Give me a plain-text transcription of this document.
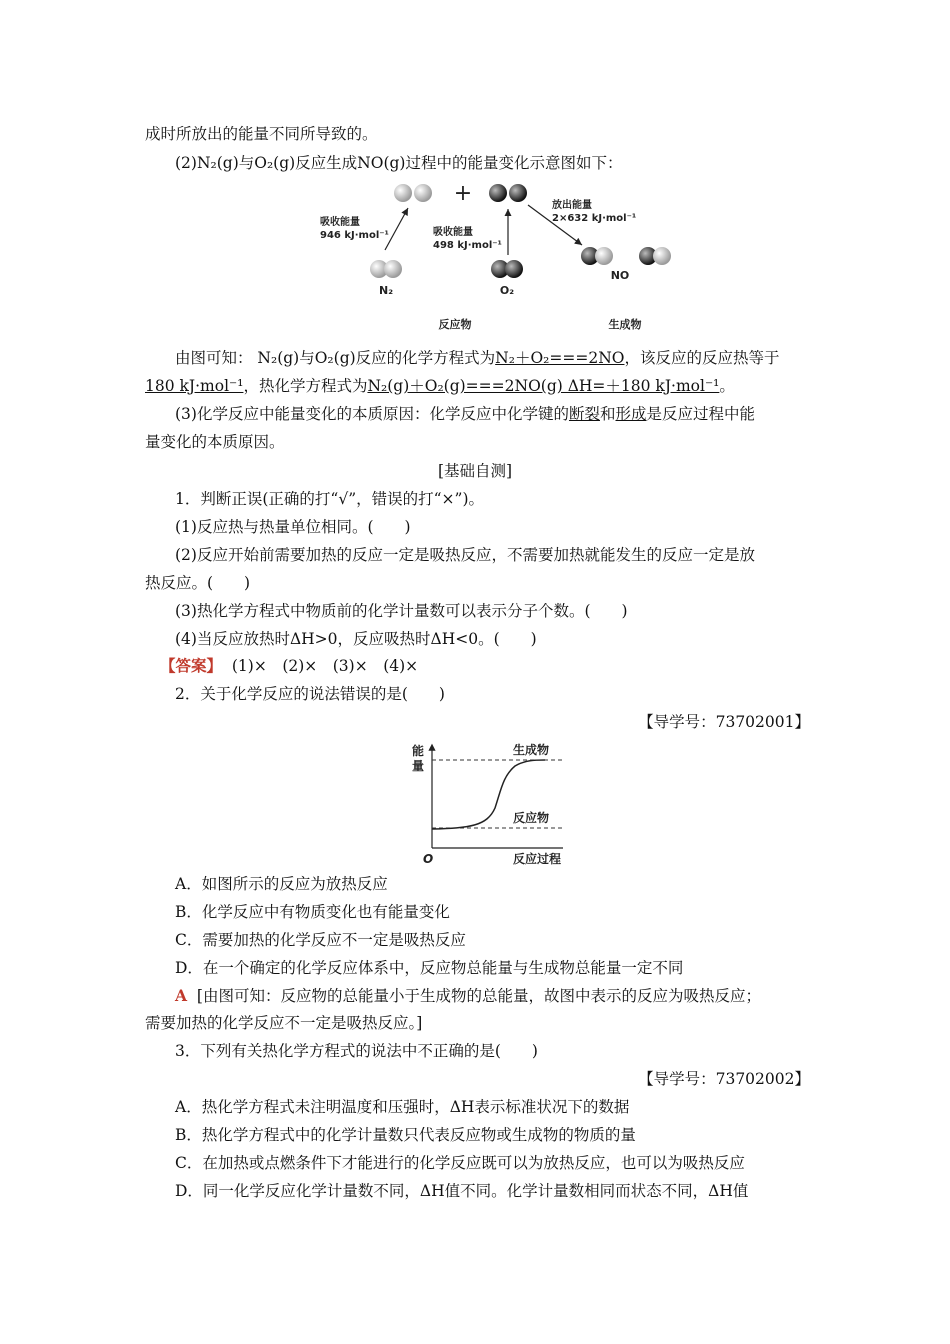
成时所放出的能量不同所导致的。
(2)N₂(g)与O₂(g)反应生成NO(g)过程中的能量变化示意图如下：
+
吸收能量
946 kJ·mol⁻¹	吸收能量
498 kJ·mol⁻¹
放出能量
2×632 kJ·mol⁻¹
N₂	O₂
NO
反应物	生成物
由图可知： N₂(g)与O₂(g)反应的化学方程式为N₂＋O₂===2NO，该反应的反应热等于
180 kJ·mol⁻¹，热化学方程式为N₂(g)＋O₂(g)===2NO(g) ΔH=＋180 kJ·mol⁻¹。
(3)化学反应中能量变化的本质原因：化学反应中化学键的断裂和形成是反应过程中能
量变化的本质原因。
[基础自测]
1．判断正误(正确的打“√”，错误的打“×”)。
(1)反应热与热量单位相同。(　　)
(2)反应开始前需要加热的反应一定是吸热反应，不需要加热就能发生的反应一定是放
热反应。(　　)
(3)热化学方程式中物质前的化学计量数可以表示分子个数。(　　)
(4)当反应放热时ΔH>0，反应吸热时ΔH<0。(　　)
【答案】 (1)×　(2)×　(3)×　(4)×
2．关于化学反应的说法错误的是(　　)
【导学号：73702001】
能
量
O	反应过程
生成物
反应物
A．如图所示的反应为放热反应
B．化学反应中有物质变化也有能量变化
C．需要加热的化学反应不一定是吸热反应
D．在一个确定的化学反应体系中，反应物总能量与生成物总能量一定不同
A [由图可知：反应物的总能量小于生成物的总能量，故图中表示的反应为吸热反应；
需要加热的化学反应不一定是吸热反应。]
3．下列有关热化学方程式的说法中不正确的是(　　)
【导学号：73702002】
A．热化学方程式未注明温度和压强时，ΔH表示标准状况下的数据
B．热化学方程式中的化学计量数只代表反应物或生成物的物质的量
C．在加热或点燃条件下才能进行的化学反应既可以为放热反应，也可以为吸热反应
D．同一化学反应化学计量数不同，ΔH值不同。化学计量数相同而状态不同，ΔH值
